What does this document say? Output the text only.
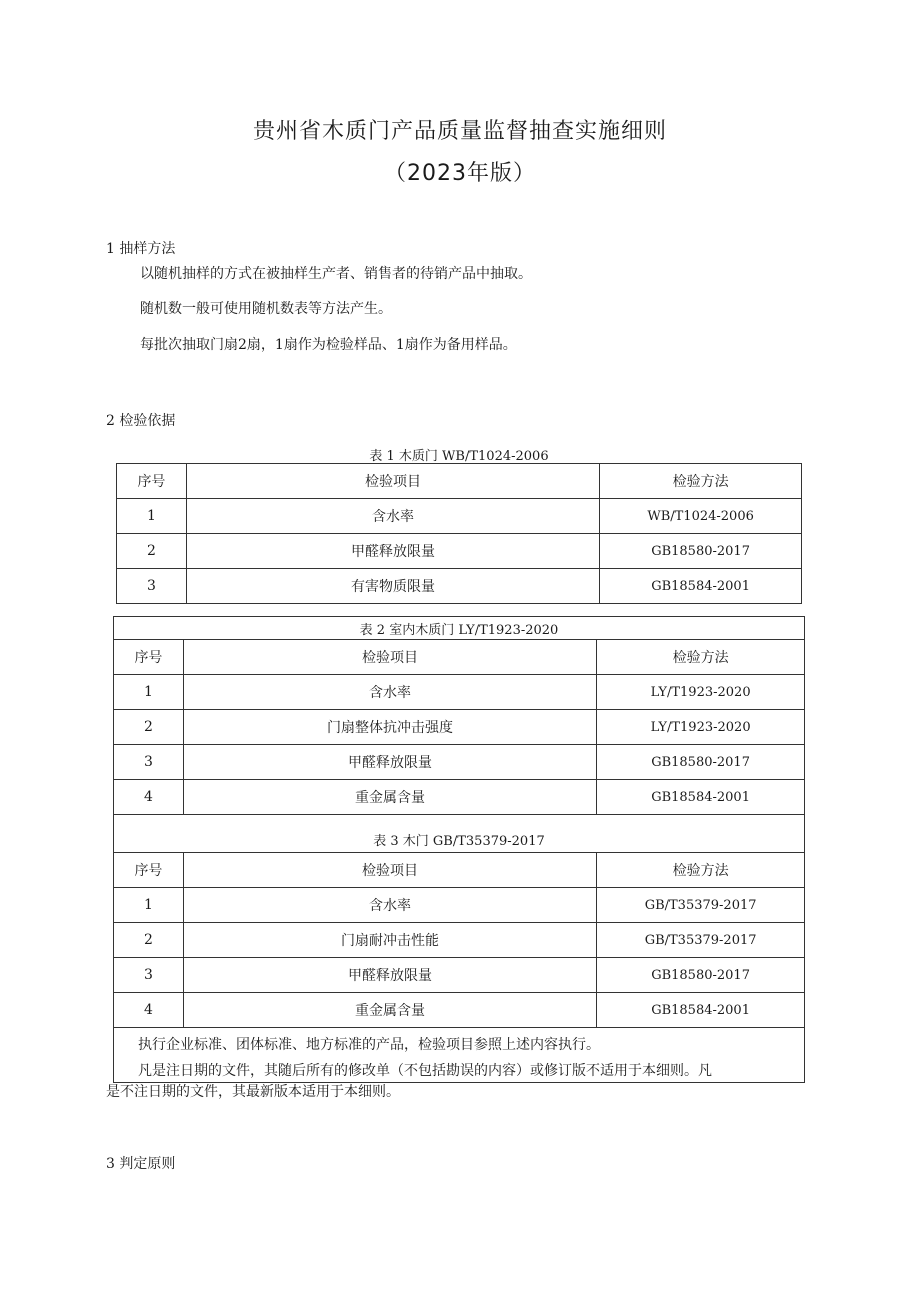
贵州省木质门产品质量监督抽查实施细则
（2023年版）
1 抽样方法
以随机抽样的方式在被抽样生产者、销售者的待销产品中抽取。
随机数一般可使用随机数表等方法产生。
每批次抽取门扇2扇，1扇作为检验样品、1扇作为备用样品。
2 检验依据
表 1 木质门 WB/T1024-2006
序号	检验项目	检验方法
1	含水率	WB/T1024-2006
2	甲醛释放限量	GB18580-2017
3	有害物质限量	GB18584-2001
表 2 室内木质门 LY/T1923-2020		
序号	检验项目	检验方法
1	含水率	LY/T1923-2020
2	门扇整体抗冲击强度	LY/T1923-2020
3	甲醛释放限量	GB18580-2017
4	重金属含量	GB18584-2001
表 3 木门 GB/T35379-2017		
序号	检验项目	检验方法
1	含水率	GB/T35379-2017
2	门扇耐冲击性能	GB/T35379-2017
3	甲醛释放限量	GB18580-2017
4	重金属含量	GB18584-2001

执行企业标准、团体标准、地方标准的产品，检验项目参照上述内容执行。
凡是注日期的文件，其随后所有的修改单（不包括勘误的内容）或修订版不适用于本细则。凡		
是不注日期的文件，其最新版本适用于本细则。
3 判定原则
